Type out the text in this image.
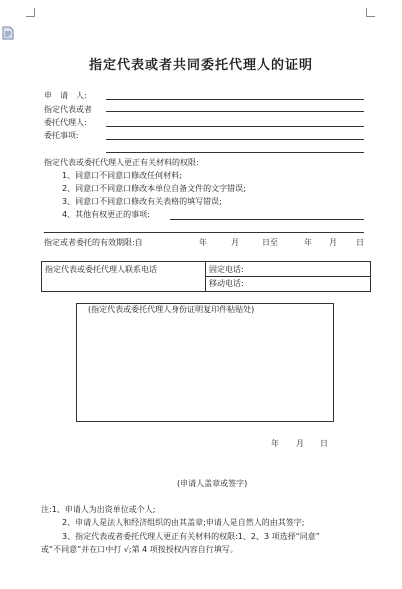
指定代表或者共同委托代理人的证明
申　请　人:
指定代表或者
委托代理人:
委托事项:
指定代表或委托代理人更正有关材料的权限:
1、同意口不同意口修改任何材料;
2、同意口不同意口修改本单位自备文件的文字错误;
3、同意口不同意口修改有关表格的填写错误;
4、其他有权更正的事项:
指定或者委托的有效期限:自	年	月	日至	年 月 日
指定代表或委托代理人联系电话	固定电话:
移动电话:
(指定代表或委托代理人身份证明复印件粘贴处)
年 月 日
(申请人盖章或签字)
注:1、申请人为出资单位或个人;
2、申请人是法人和经济组织的由其盖章;申请人是自然人的由其签字;
3、指定代表或者委托代理人更正有关材料的权限:1、2、3 项选择“同意”
或“不同意”并在口中打 √;第 4 项按授权内容自行填写。
